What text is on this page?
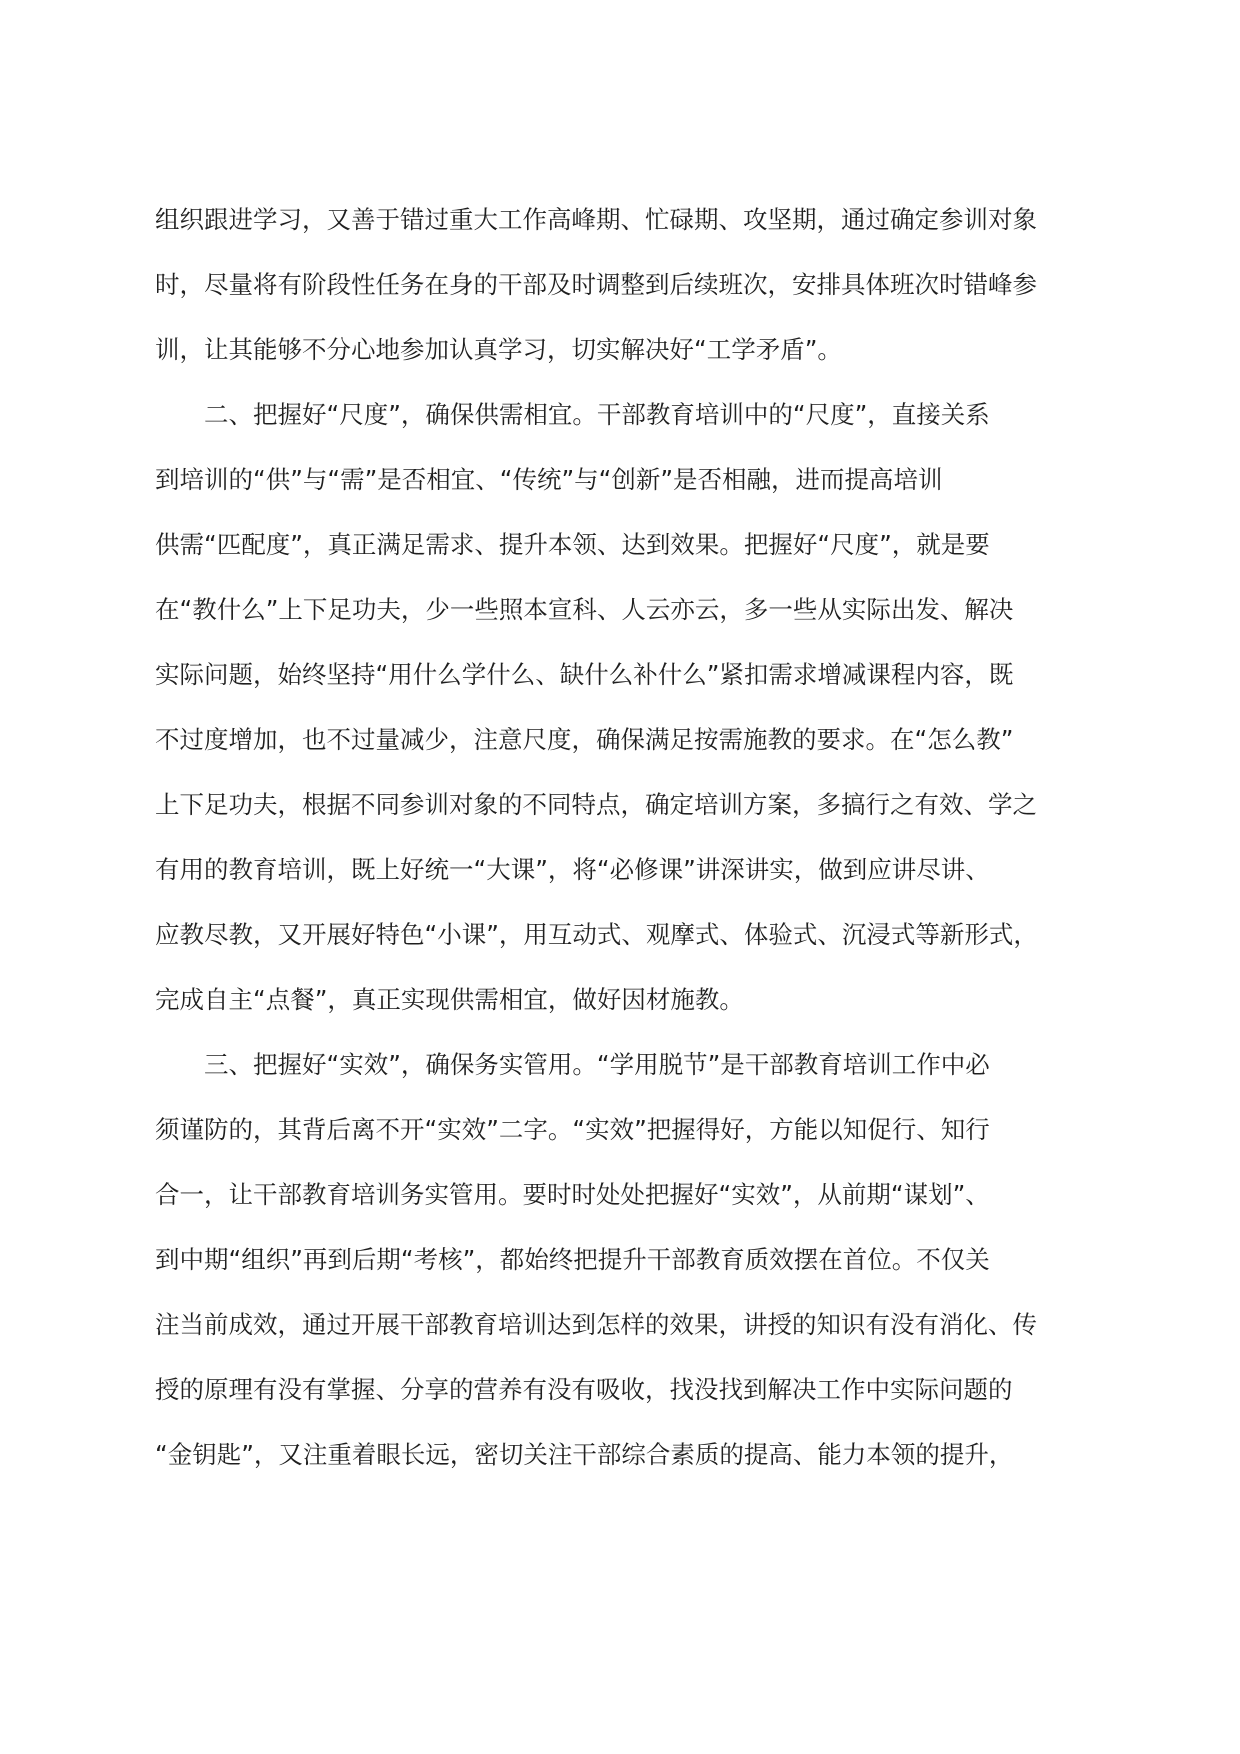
组织跟进学习，又善于错过重大工作高峰期、忙碌期、攻坚期，通过确定参训对象
时，尽量将有阶段性任务在身的干部及时调整到后续班次，安排具体班次时错峰参
训，让其能够不分心地参加认真学习，切实解决好“工学矛盾”。
　　二、把握好“尺度”，确保供需相宜。干部教育培训中的“尺度”，直接关系
到培训的“供”与“需”是否相宜、“传统”与“创新”是否相融，进而提高培训
供需“匹配度”，真正满足需求、提升本领、达到效果。把握好“尺度”，就是要
在“教什么”上下足功夫，少一些照本宣科、人云亦云，多一些从实际出发、解决
实际问题，始终坚持“用什么学什么、缺什么补什么”紧扣需求增减课程内容，既
不过度增加，也不过量减少，注意尺度，确保满足按需施教的要求。在“怎么教”
上下足功夫，根据不同参训对象的不同特点，确定培训方案，多搞行之有效、学之
有用的教育培训，既上好统一“大课”，将“必修课”讲深讲实，做到应讲尽讲、
应教尽教，又开展好特色“小课”，用互动式、观摩式、体验式、沉浸式等新形式，
完成自主“点餐”，真正实现供需相宜，做好因材施教。
　　三、把握好“实效”，确保务实管用。“学用脱节”是干部教育培训工作中必
须谨防的，其背后离不开“实效”二字。“实效”把握得好，方能以知促行、知行
合一，让干部教育培训务实管用。要时时处处把握好“实效”，从前期“谋划”、
到中期“组织”再到后期“考核”，都始终把提升干部教育质效摆在首位。不仅关
注当前成效，通过开展干部教育培训达到怎样的效果，讲授的知识有没有消化、传
授的原理有没有掌握、分享的营养有没有吸收，找没找到解决工作中实际问题的
“金钥匙”，又注重着眼长远，密切关注干部综合素质的提高、能力本领的提升，
